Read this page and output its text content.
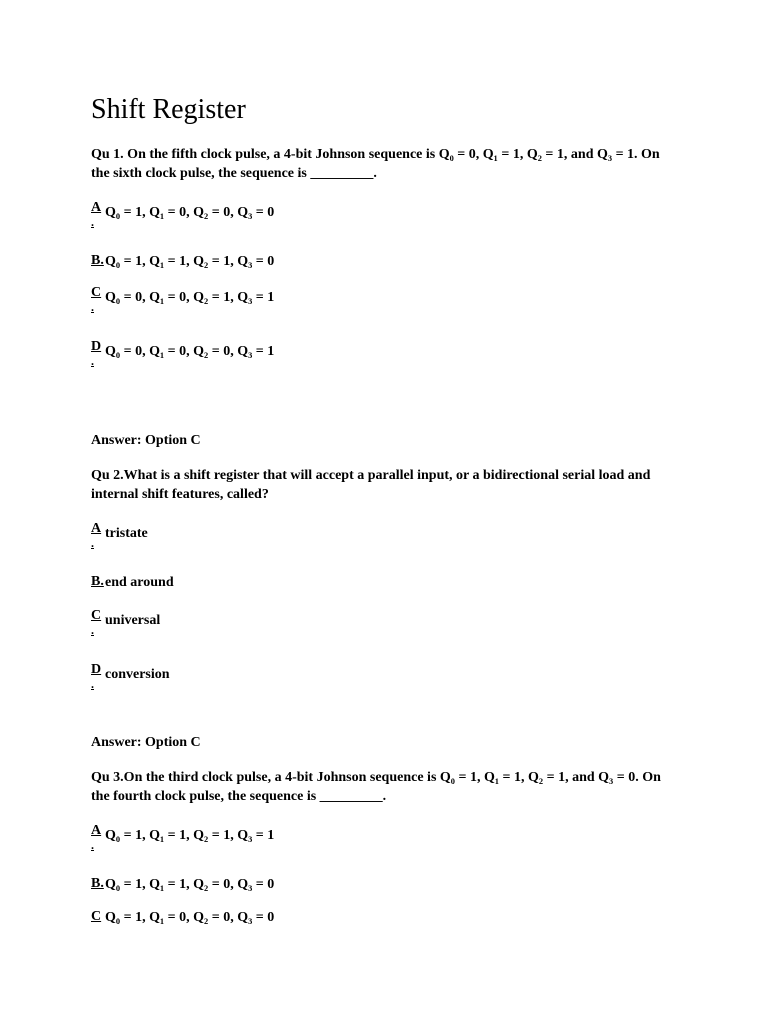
Shift Register

Qu 1. On the fifth clock pulse, a 4-bit Johnson sequence is Q₀ = 0, Q₁ = 1, Q₂ = 1, and Q₃ = 1. On the sixth clock pulse, the sequence is _________.

A
.
Q₀ = 1, Q₁ = 0, Q₂ = 0, Q₃ = 0
B. Q₀ = 1, Q₁ = 1, Q₂ = 1, Q₃ = 0
C
.
Q₀ = 0, Q₁ = 0, Q₂ = 1, Q₃ = 1
D
.
Q₀ = 0, Q₁ = 0, Q₂ = 0, Q₃ = 1

Answer: Option C

Qu 2.What is a shift register that will accept a parallel input, or a bidirectional serial load and internal shift features, called?

A
.
tristate
B. end around
C
.
universal
D
.
conversion

Answer: Option C

Qu 3.On the third clock pulse, a 4-bit Johnson sequence is Q₀ = 1, Q₁ = 1, Q₂ = 1, and Q₃ = 0. On the fourth clock pulse, the sequence is _________.

A
.
Q₀ = 1, Q₁ = 1, Q₂ = 1, Q₃ = 1
B. Q₀ = 1, Q₁ = 1, Q₂ = 0, Q₃ = 0
C Q₀ = 1, Q₁ = 0, Q₂ = 0, Q₃ = 0
